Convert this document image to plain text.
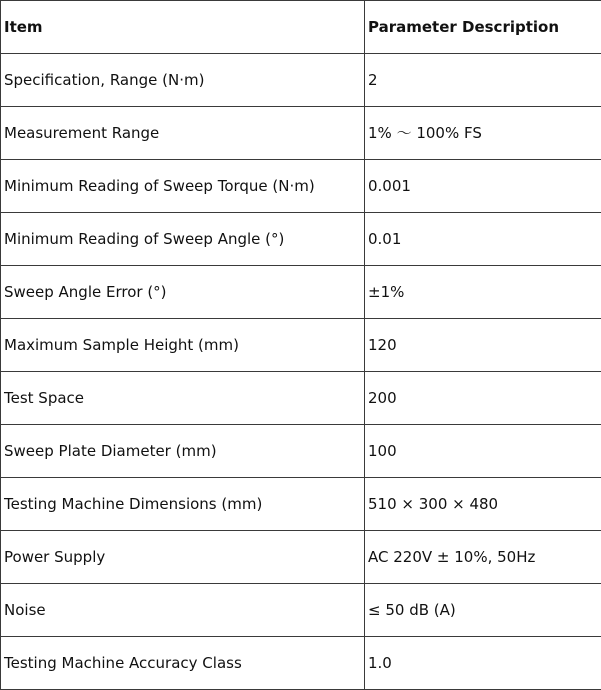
Item	Parameter Description
Specification, Range (N·m)	2
Measurement Range	1% ～ 100% FS
Minimum Reading of Sweep Torque (N·m)	0.001
Minimum Reading of Sweep Angle (°)	0.01
Sweep Angle Error (°)	±1%
Maximum Sample Height (mm)	120
Test Space	200
Sweep Plate Diameter (mm)	100
Testing Machine Dimensions (mm)	510 × 300 × 480
Power Supply	AC 220V ± 10%, 50Hz
Noise	≤ 50 dB (A)
Testing Machine Accuracy Class	1.0
